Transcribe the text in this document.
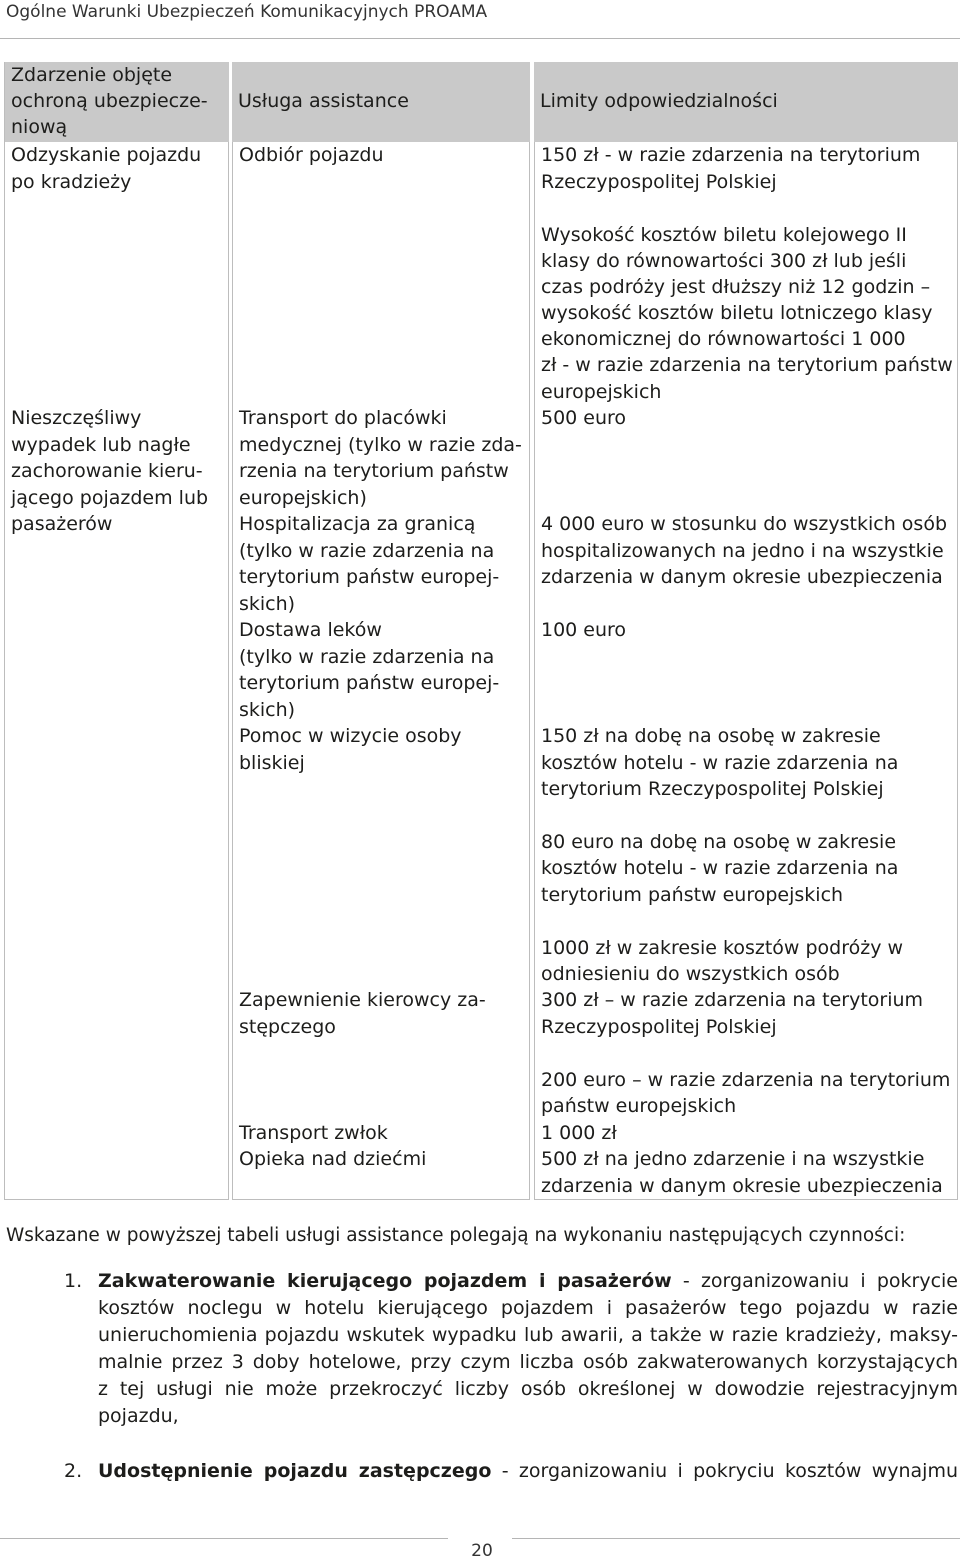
Ogólne Warunki Ubezpieczeń Komunikacyjnych PROAMA
Zdarzenie objęte
ochroną ubezpiecze-
niową
Odzyskanie pojazdu
po kradzieży
Nieszczęśliwy
wypadek lub nagłe
zachorowanie kieru-
jącego pojazdem lub
pasażerów
Usługa assistance
Odbiór pojazdu
Transport do placówki
medycznej (tylko w razie zda-
rzenia na terytorium państw
europejskich)
Hospitalizacja za granicą
(tylko w razie zdarzenia na
terytorium państw europej-
skich)
Dostawa leków
(tylko w razie zdarzenia na
terytorium państw europej-
skich)
Pomoc w wizycie osoby
bliskiej
Zapewnienie kierowcy za-
stępczego
Transport zwłok
Opieka nad dziećmi
Limity odpowiedzialności
150 zł - w razie zdarzenia na terytorium
Rzeczypospolitej Polskiej
Wysokość kosztów biletu kolejowego II
klasy do równowartości 300 zł lub jeśli
czas podróży jest dłuższy niż 12 godzin –
wysokość kosztów biletu lotniczego klasy
ekonomicznej do równowartości 1 000
zł - w razie zdarzenia na terytorium państw
europejskich
500 euro
4 000 euro w stosunku do wszystkich osób
hospitalizowanych na jedno i na wszystkie
zdarzenia w danym okresie ubezpieczenia
100 euro
150 zł na dobę na osobę w zakresie
kosztów hotelu - w razie zdarzenia na
terytorium Rzeczypospolitej Polskiej
80 euro na dobę na osobę w zakresie
kosztów hotelu - w razie zdarzenia na
terytorium państw europejskich
1000 zł w zakresie kosztów podróży w
odniesieniu do wszystkich osób
300 zł – w razie zdarzenia na terytorium
Rzeczypospolitej Polskiej
200 euro – w razie zdarzenia na terytorium
państw europejskich
1 000 zł
500 zł na jedno zdarzenie i na wszystkie
zdarzenia w danym okresie ubezpieczenia
Wskazane w powyższej tabeli usługi assistance polegają na wykonaniu następujących czynności:
1. Zakwaterowanie kierującego pojazdem i pasażerów - zorganizowaniu i pokrycie
kosztów noclegu w hotelu kierującego pojazdem i pasażerów tego pojazdu w razie
unieruchomienia pojazdu wskutek wypadku lub awarii, a także w razie kradzieży, maksy-
malnie przez 3 doby hotelowe, przy czym liczba osób zakwaterowanych korzystających
z tej usługi nie może przekroczyć liczby osób określonej w dowodzie rejestracyjnym
pojazdu,
2. Udostępnienie pojazdu zastępczego - zorganizowaniu i pokryciu kosztów wynajmu
20
